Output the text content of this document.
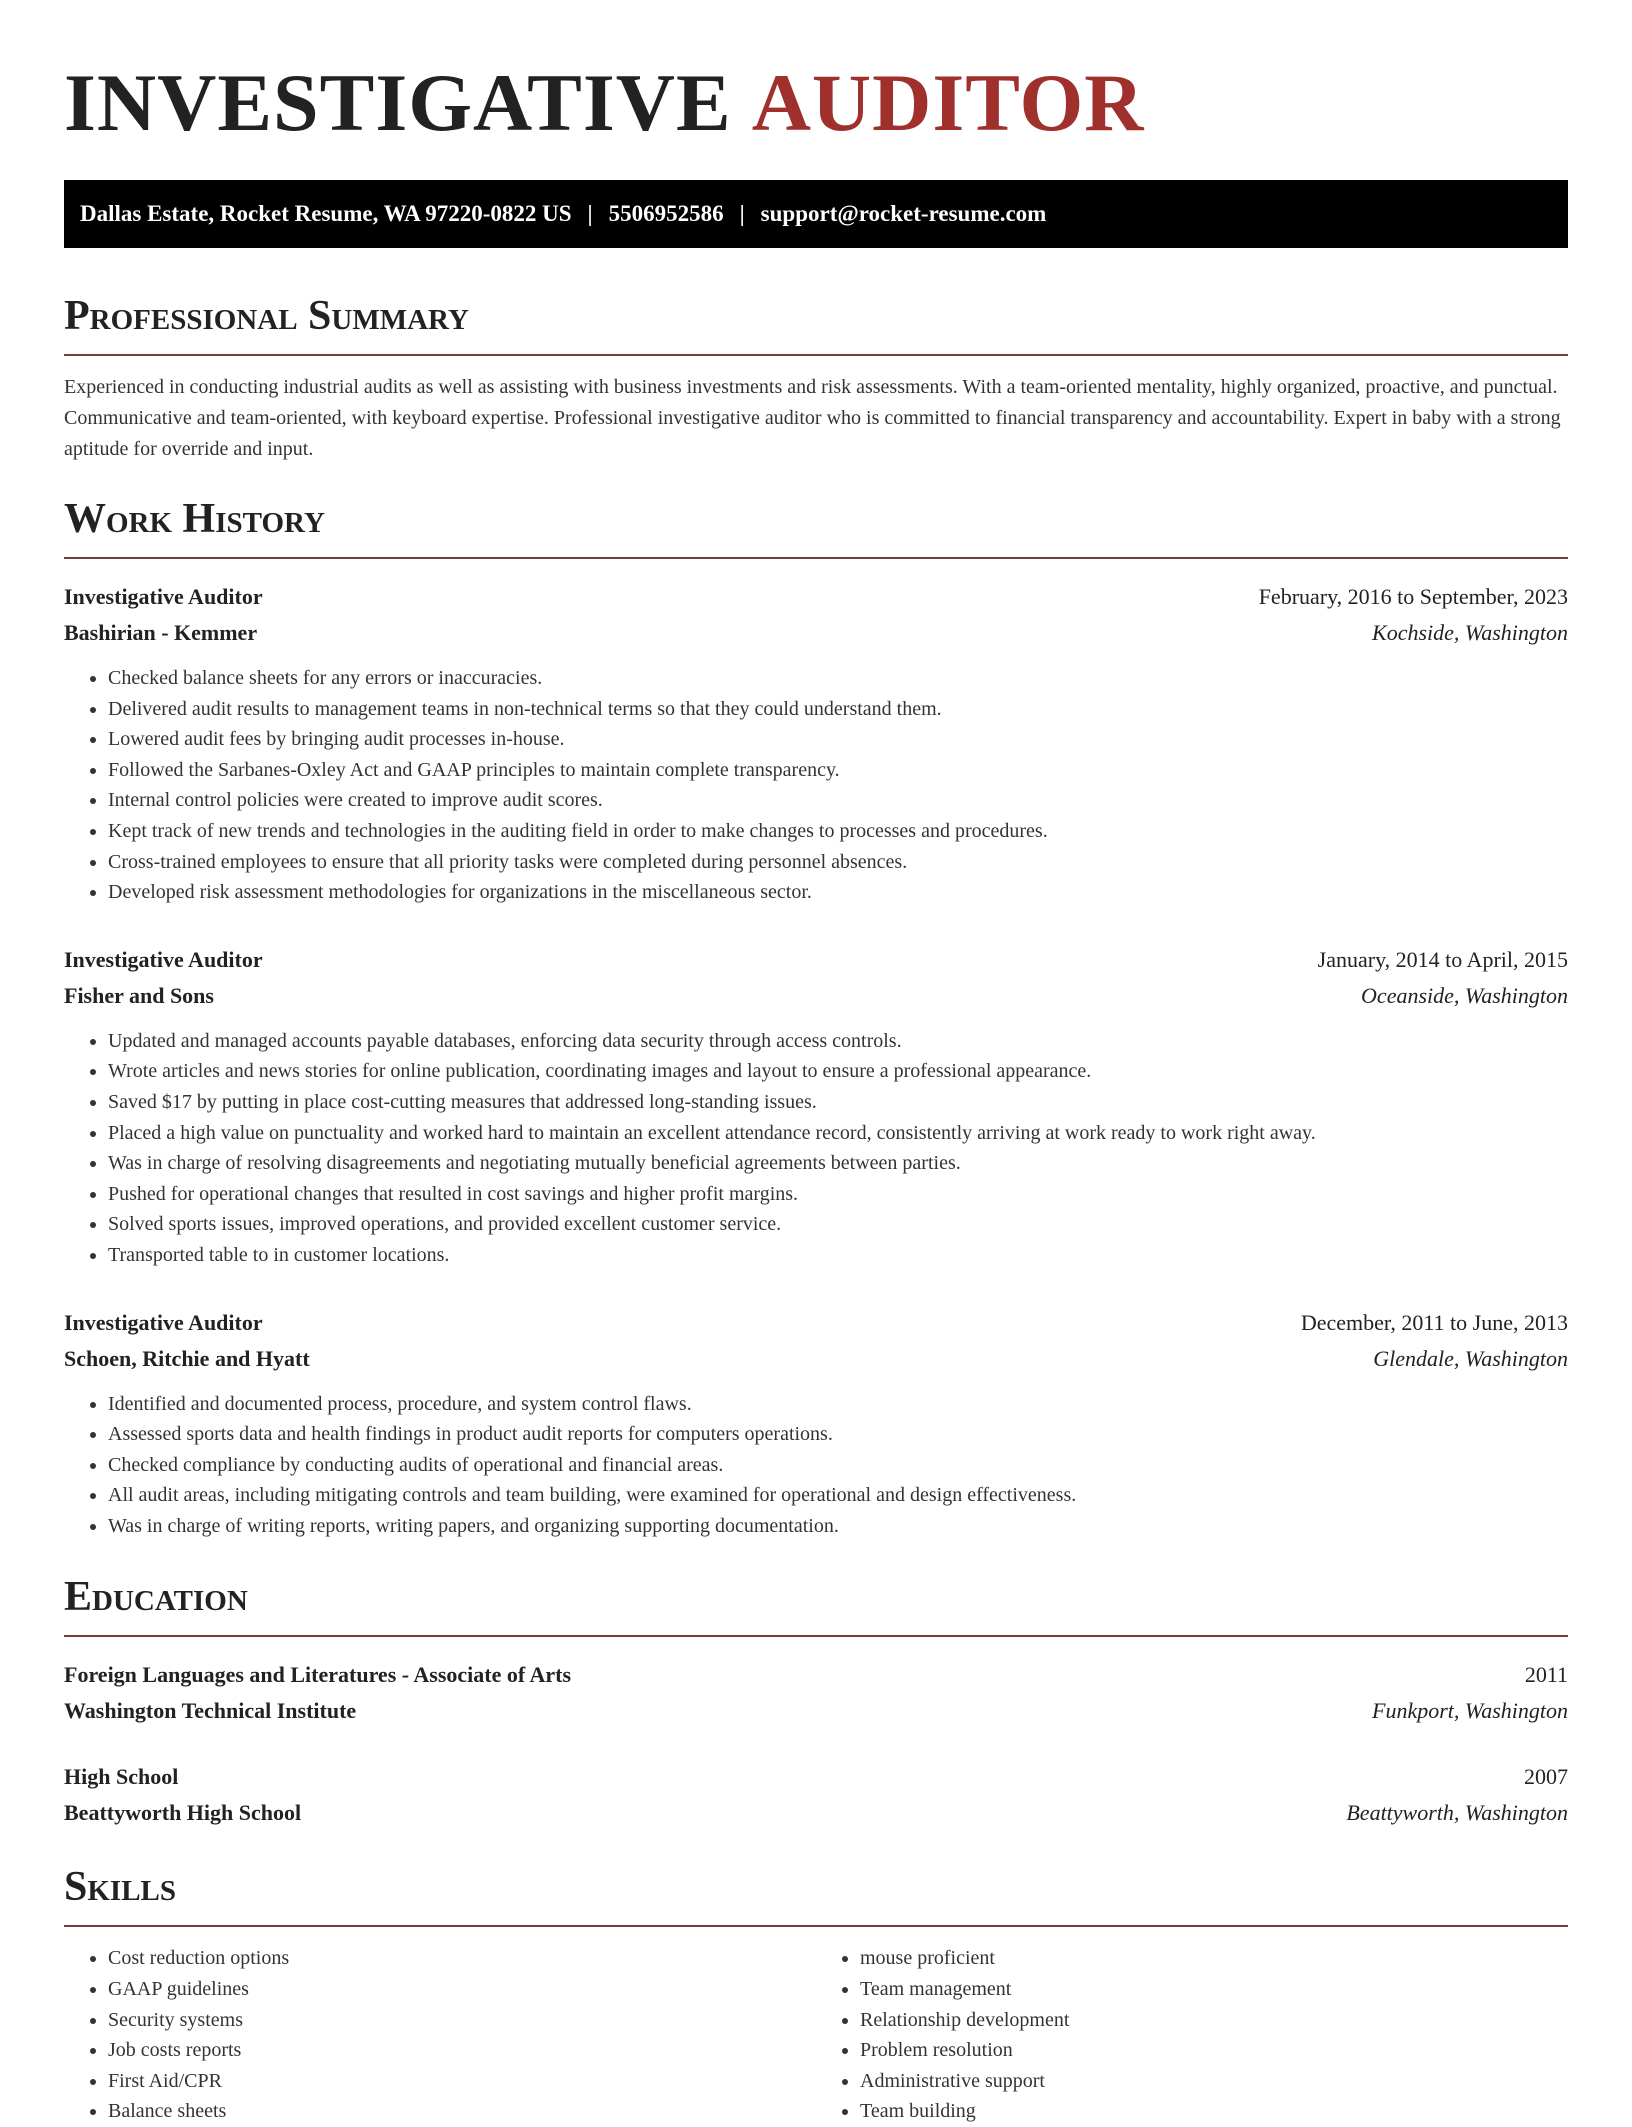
INVESTIGATIVE AUDITOR
Dallas Estate, Rocket Resume, WA 97220-0822 US | 5506952586 | support@rocket-resume.com
Professional Summary

Experienced in conducting industrial audits as well as assisting with business investments and risk assessments. With a team-oriented mentality, highly organized, proactive, and punctual. Communicative and team-oriented, with keyboard expertise. Professional investigative auditor who is committed to financial transparency and accountability. Expert in baby with a strong aptitude for override and input.

Work History
Investigative Auditor	February, 2016 to September, 2023
Bashirian - Kemmer	Kochside, Washington
• Checked balance sheets for any errors or inaccuracies.
• Delivered audit results to management teams in non-technical terms so that they could understand them.
• Lowered audit fees by bringing audit processes in-house.
• Followed the Sarbanes-Oxley Act and GAAP principles to maintain complete transparency.
• Internal control policies were created to improve audit scores.
• Kept track of new trends and technologies in the auditing field in order to make changes to processes and procedures.
• Cross-trained employees to ensure that all priority tasks were completed during personnel absences.
• Developed risk assessment methodologies for organizations in the miscellaneous sector.
Investigative Auditor	January, 2014 to April, 2015
Fisher and Sons	Oceanside, Washington
• Updated and managed accounts payable databases, enforcing data security through access controls.
• Wrote articles and news stories for online publication, coordinating images and layout to ensure a professional appearance.
• Saved $17 by putting in place cost-cutting measures that addressed long-standing issues.
• Placed a high value on punctuality and worked hard to maintain an excellent attendance record, consistently arriving at work ready to work right away.
• Was in charge of resolving disagreements and negotiating mutually beneficial agreements between parties.
• Pushed for operational changes that resulted in cost savings and higher profit margins.
• Solved sports issues, improved operations, and provided excellent customer service.
• Transported table to in customer locations.
Investigative Auditor	December, 2011 to June, 2013
Schoen, Ritchie and Hyatt	Glendale, Washington
• Identified and documented process, procedure, and system control flaws.
• Assessed sports data and health findings in product audit reports for computers operations.
• Checked compliance by conducting audits of operational and financial areas.
• All audit areas, including mitigating controls and team building, were examined for operational and design effectiveness.
• Was in charge of writing reports, writing papers, and organizing supporting documentation.
Education
Foreign Languages and Literatures - Associate of Arts	2011
Washington Technical Institute	Funkport, Washington
High School	2007
Beattyworth High School	Beattyworth, Washington
Skills
• Cost reduction options
• GAAP guidelines
• Security systems
• Job costs reports
• First Aid/CPR
• Balance sheets
• mouse proficient
• Team management
• Relationship development
• Problem resolution
• Administrative support
• Team building
